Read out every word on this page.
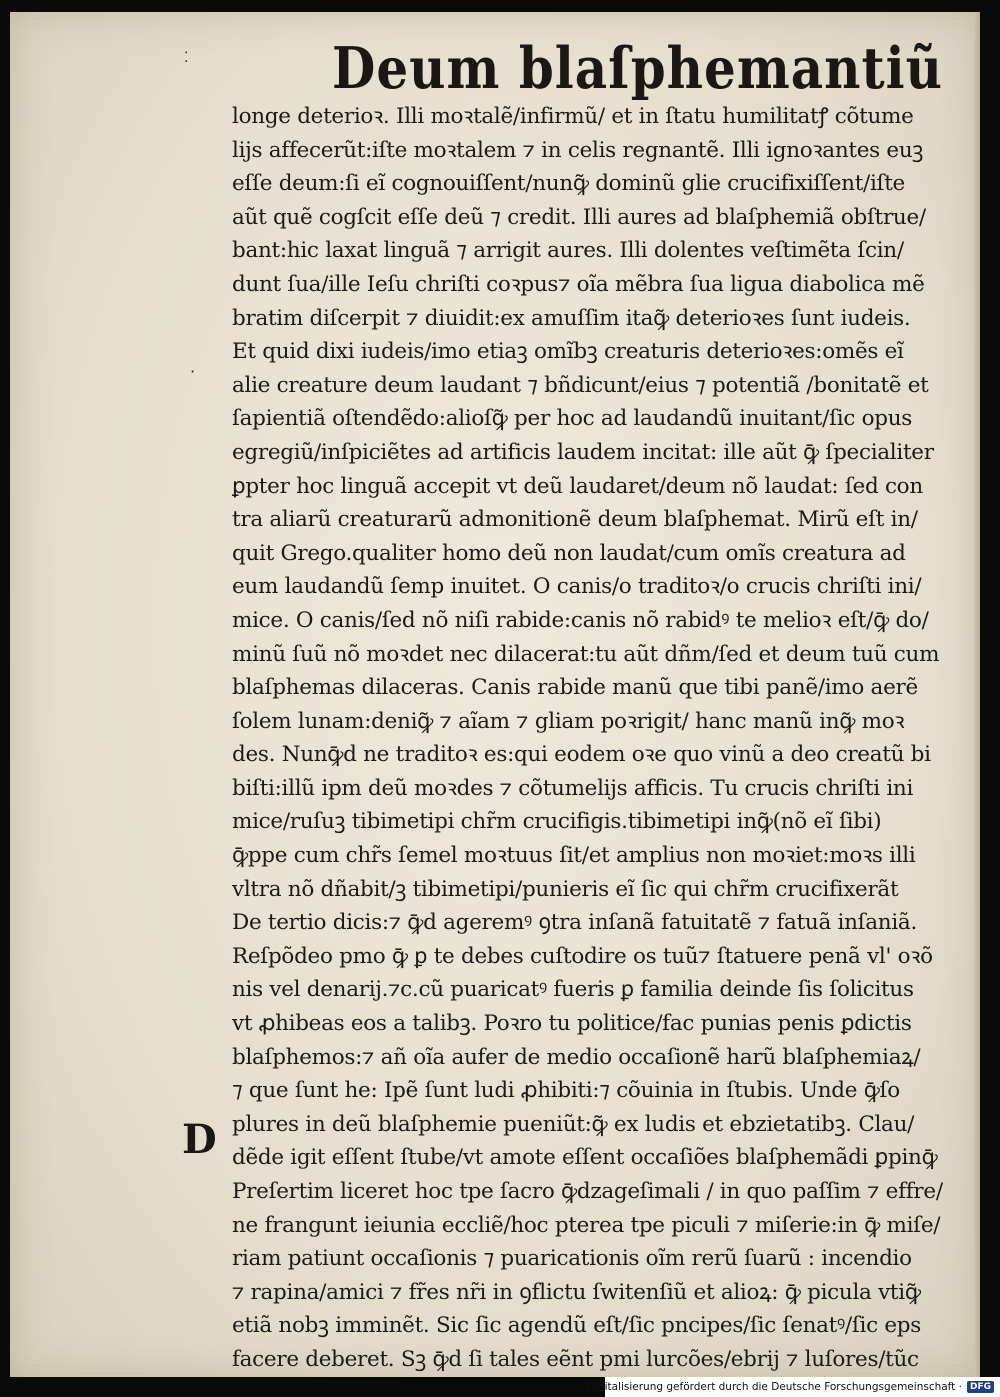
⁚
·
Deum blaſphemantiũ
D
longe deterioꝛ. Illi moꝛtalẽ/infirmũ/ et in ſtatu humilitatꝭ cõtume
lijs affecerũt:iſte moꝛtalem ⁊ in celis regnantẽ. Illi ignoꝛantes euꝫ
eſſe deum:ſi eĩ cognouiſſent/nunꝙ͂ dominũ glie crucifixiſſent/iſte
aũt quẽ cogſcit eſſe deũ ⁊ credit. Illi aures ad blaſphemiã obſtrue/
bant:hic laxat linguã ⁊ arrigit aures. Illi dolentes veſtimẽta ſcin/
dunt ſua/ille Ieſu chriſti coꝛpus⁊ oĩa mẽbra ſua ligua diabolica mẽ
bratim diſcerpit ⁊ diuidit:ex amuſſim itaꝙ͂ deterioꝛes ſunt iudeis.
Et quid dixi iudeis/imo etiaꝫ omĩbꝫ creaturis deterioꝛes:omẽs eĩ
alie creature deum laudant ⁊ bñdicunt/eius ⁊ potentiã /bonitatẽ et
ſapientiã oſtendẽdo:alioſꝙ͂ per hoc ad laudandũ inuitant/ſic opus
egregiũ/inſpiciẽtes ad artificis laudem incitat: ille aũt ꝙ̄ ſpecialiter
ꝑpter hoc linguã accepit vt deũ laudaret/deum nõ laudat: ſed con
tra aliarũ creaturarũ admonitionẽ deum blaſphemat. Mirũ eſt in/
quit Grego.qualiter homo deũ non laudat/cum omĩs creatura ad
eum laudandũ ſemp inuitet. O canis/o traditoꝛ/o crucis chriſti ini/
mice. O canis/ſed nõ niſi rabide:canis nõ rabidꝰ te melioꝛ eſt/ꝙ̄ do/
minũ ſuũ nõ moꝛdet nec dilacerat:tu aũt dñm/ſed et deum tuũ cum
blaſphemas dilaceras. Canis rabide manũ que tibi panẽ/imo aerẽ
ſolem lunam:deniꝙ͂ ⁊ aĩam ⁊ gliam poꝛrigit/ hanc manũ inꝙ͂ moꝛ
des. Nunꝙ̄d ne traditoꝛ es:qui eodem oꝛe quo vinũ a deo creatũ bi
biſti:illũ ipm deũ moꝛdes ⁊ cõtumelijs afficis. Tu crucis chriſti ini
mice/ruſuꝫ tibimetipi chr̃m crucifigis.tibimetipi inꝙ͂(nõ eĩ ſibi)
ꝙ̄ppe cum chr̃s ſemel moꝛtuus ſit/et amplius non moꝛiet:moꝛs illi
vltra nõ dñabit/ꝫ tibimetipi/punieris eĩ ſic qui chr̃m crucifixerãt
De tertio dicis:⁊ ꝙ̄d ageremꝰ ꝯtra inſanã fatuitatẽ ⁊ fatuã inſaniã.
Reſpõdeo pmo ꝙ̄ ꝑ te debes cuſtodire os tuũ⁊ ſtatuere penã vl' oꝛõ
nis vel denarij.⁊c.cũ puaricatꝰ fueris ꝑ familia deinde ſis ſolicitus
vt ꝓhibeas eos a talibꝫ. Poꝛro tu politice/fac punias penis ꝑdictis
blaſphemos:⁊ añ oĩa aufer de medio occaſionẽ harũ blaſphemiaꝝ/
⁊ que ſunt he: Ipẽ ſunt ludi ꝓhibiti:⁊ cõuinia in ſtubis. Unde ꝙ̄ſo
plures in deũ blaſphemie pueniũt:ꝙ͂ ex ludis et ebzietatibꝫ. Clau/
dẽde igit eſſent ſtube/vt amote eſſent occaſiões blaſphemãdi ꝑpinꝙ̄
Preſertim liceret hoc tpe ſacro ꝙ̄dzageſimali / in quo paſſim ⁊ effre/
ne frangunt ieiunia eccliẽ/hoc pterea tpe piculi ⁊ miſerie:in ꝙ̄ miſe/
riam patiunt occaſionis ⁊ puaricationis oĩm rerũ ſuarũ : incendio
⁊ rapina/amici ⁊ fr̃es nr̃i in ꝯflictu ſwitenſiũ et alioꝝ: ꝙ̄ picula vtiꝙ͂
etiã nobꝫ imminẽt. Sic ſic agendũ eſt/ſic pncipes/ſic ſenatꝰ/ſic eps
facere deberet. Sꝫ ꝙ̄d ſi tales eẽnt pmi lurcões/ebrij ⁊ luſores/tũc
Digitalisierung gefördert durch die Deutsche Forschungsgemeinschaft · DFG
